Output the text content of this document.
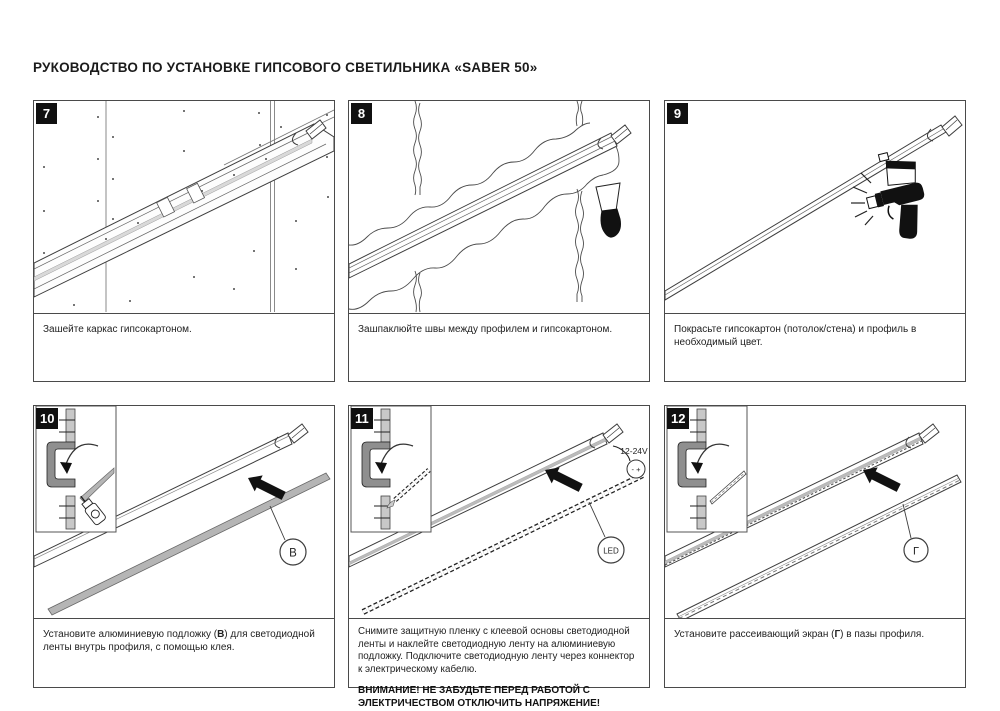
РУКОВОДСТВО ПО УСТАНОВКЕ ГИПСОВОГО СВЕТИЛЬНИКА «SABER 50»
7

Зашейте каркас гипсокартоном.

8

Зашпаклюйте швы между профилем и гипсокартоном.

9

Покрасьте гипсокартон (потолок/стена) и профиль в необходимый цвет.

10
В

Установите алюминиевую подложку (В) для светодиодной ленты внутрь профиля, с помощью клея.

11
12-24V
- +
LED

Снимите защитную пленку с клеевой основы светодиодной ленты и наклейте светодиодную ленту на алюминиевую подложку. Подключите светодиодную ленту через коннектор к электрическому кабелю.

ВНИМАНИЕ! НЕ ЗАБУДЬТЕ ПЕРЕД РАБОТОЙ С ЭЛЕКТРИЧЕСТВОМ ОТКЛЮЧИТЬ НАПРЯЖЕНИЕ!

12
Г

Установите рассеивающий экран (Г) в пазы профиля.
